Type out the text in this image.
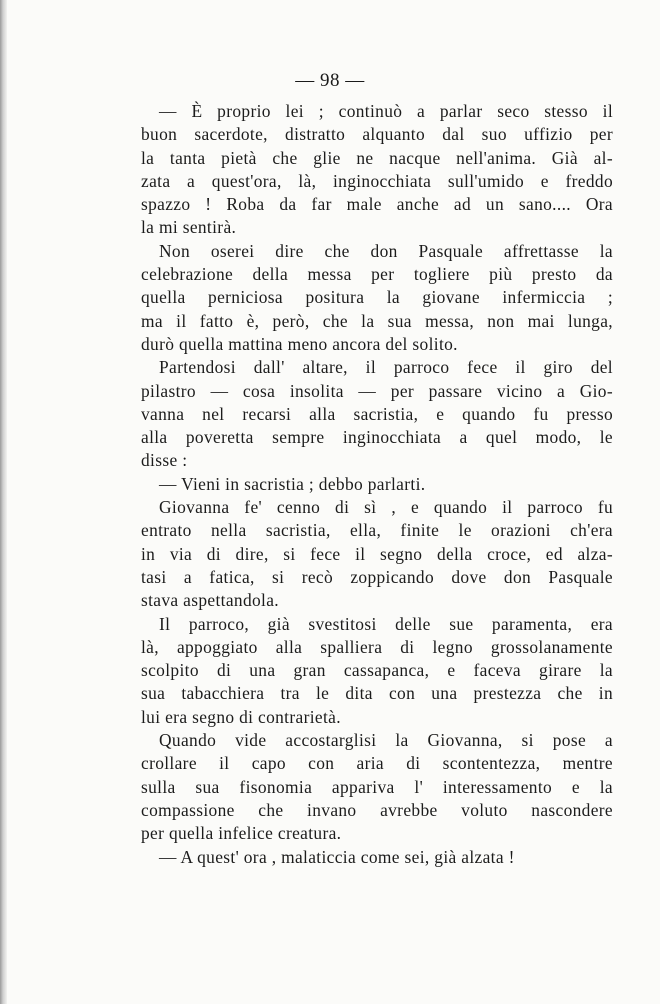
— 98 —
— È proprio lei ; continuò a parlar seco stesso il
buon sacerdote, distratto alquanto dal suo uffizio per
la tanta pietà che glie ne nacque nell'anima. Già al-
zata a quest'ora, là, inginocchiata sull'umido e freddo
spazzo ! Roba da far male anche ad un sano.... Ora
la mi sentirà.
Non oserei dire che don Pasquale affrettasse la
celebrazione della messa per togliere più presto da
quella perniciosa positura la giovane infermiccia ;
ma il fatto è, però, che la sua messa, non mai lunga,
durò quella mattina meno ancora del solito.
Partendosi dall' altare, il parroco fece il giro del
pilastro — cosa insolita — per passare vicino a Gio-
vanna nel recarsi alla sacristia, e quando fu presso
alla poveretta sempre inginocchiata a quel modo, le
disse :
— Vieni in sacristia ; debbo parlarti.
Giovanna fe' cenno di sì , e quando il parroco fu
entrato nella sacristia, ella, finite le orazioni ch'era
in via di dire, si fece il segno della croce, ed alza-
tasi a fatica, si recò zoppicando dove don Pasquale
stava aspettandola.
Il parroco, già svestitosi delle sue paramenta, era
là, appoggiato alla spalliera di legno grossolanamente
scolpito di una gran cassapanca, e faceva girare la
sua tabacchiera tra le dita con una prestezza che in
lui era segno di contrarietà.
Quando vide accostarglisi la Giovanna, si pose a
crollare il capo con aria di scontentezza, mentre
sulla sua fisonomia appariva l' interessamento e la
compassione che invano avrebbe voluto nascondere
per quella infelice creatura.
— A quest' ora , malaticcia come sei, già alzata !
